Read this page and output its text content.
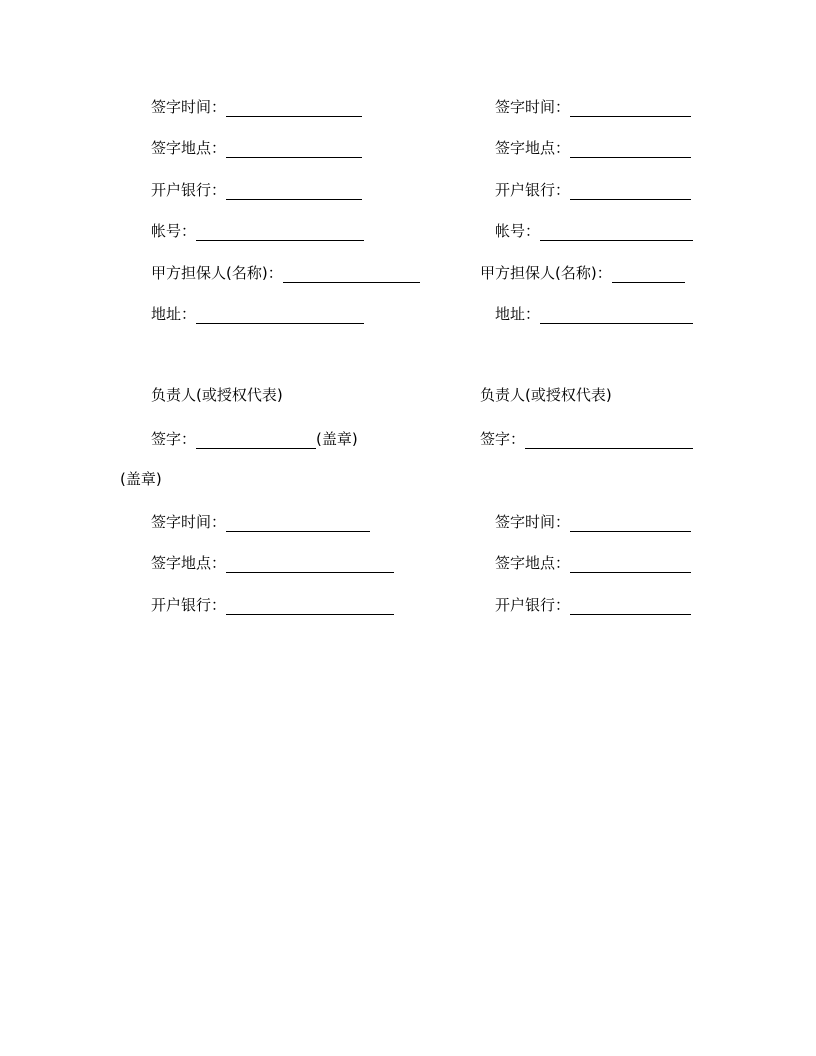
签字时间：	签字时间：
签字地点：	签字地点：
开户银行：	开户银行：
帐号：	帐号：
甲方担保人(名称)：	甲方担保人(名称)：
地址：	地址：
负责人(或授权代表)	负责人(或授权代表)
签字：	(盖章)	签字：
(盖章)
签字时间：	签字时间：
签字地点：	签字地点：
开户银行：	开户银行：
